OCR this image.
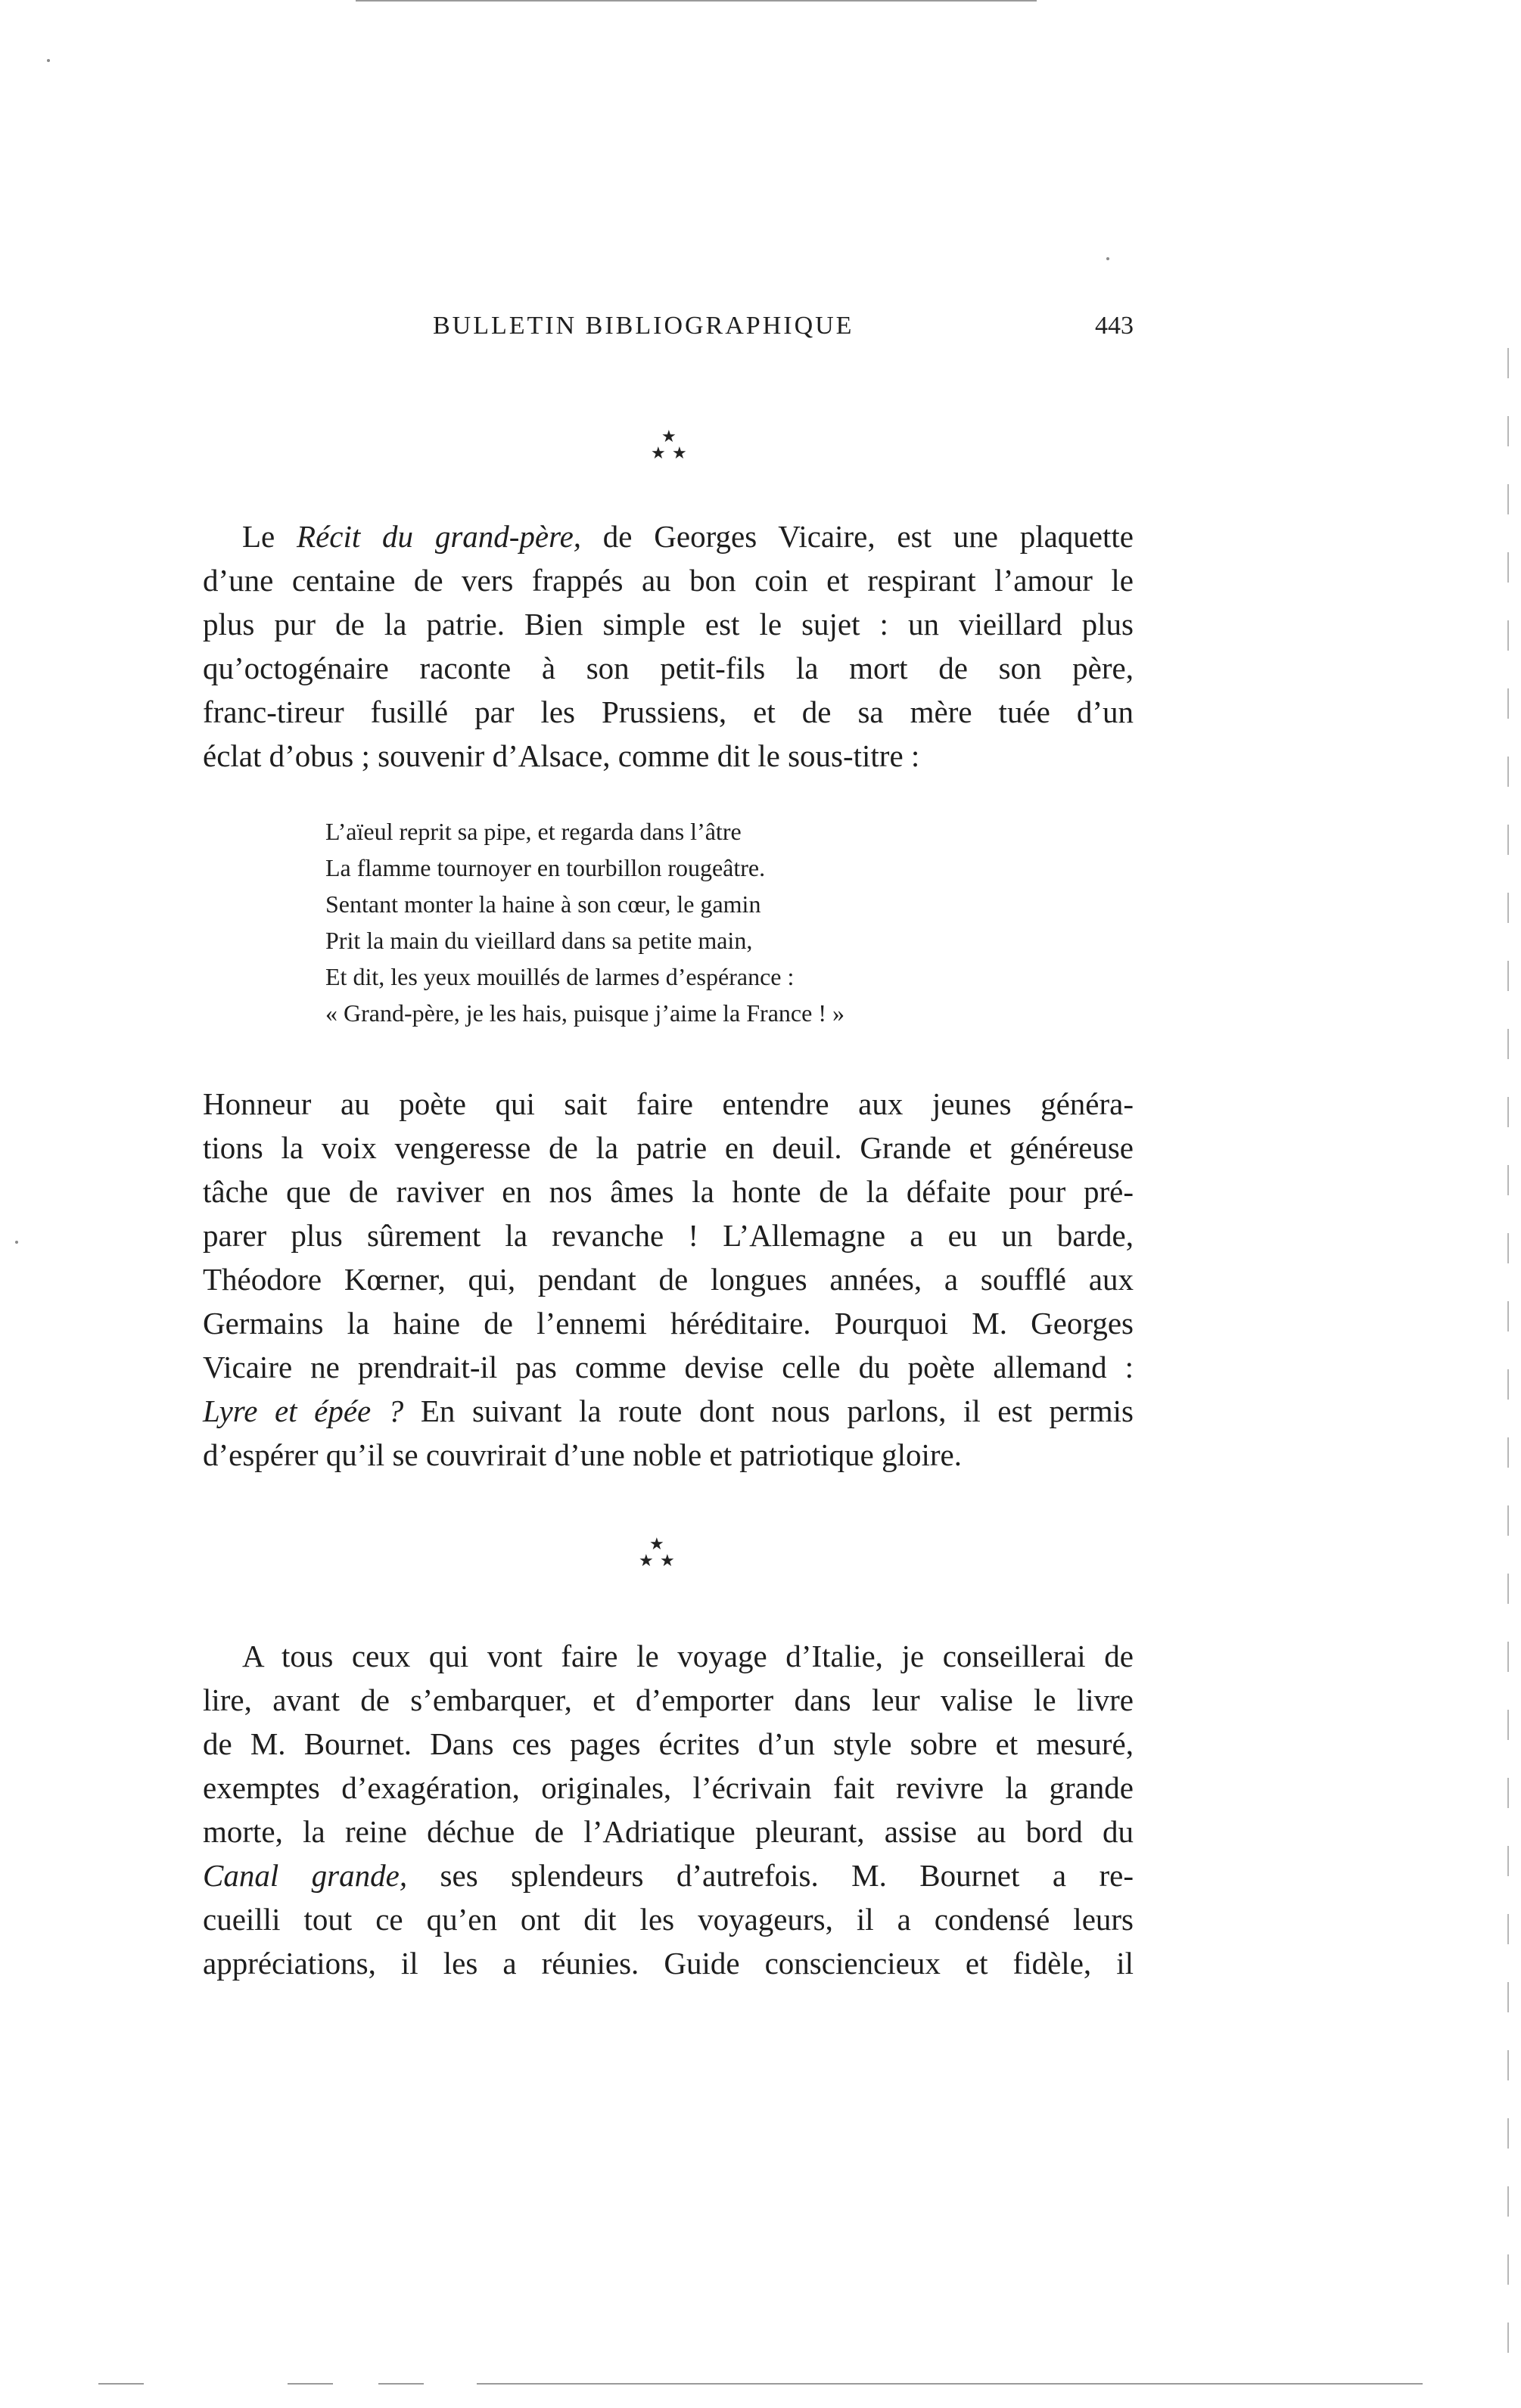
BULLETIN BIBLIOGRAPHIQUE	443
★
★ ★
Le Récit du grand-père, de Georges Vicaire, est une plaquette
d’une centaine de vers frappés au bon coin et respirant l’amour le
plus pur de la patrie. Bien simple est le sujet : un vieillard plus
qu’octogénaire raconte à son petit-fils la mort de son père,
franc-tireur fusillé par les Prussiens, et de sa mère tuée d’un
éclat d’obus ; souvenir d’Alsace, comme dit le sous-titre :
L’aïeul reprit sa pipe, et regarda dans l’âtre
La flamme tournoyer en tourbillon rougeâtre.
Sentant monter la haine à son cœur, le gamin
Prit la main du vieillard dans sa petite main,
Et dit, les yeux mouillés de larmes d’espérance :
« Grand-père, je les hais, puisque j’aime la France ! »
Honneur au poète qui sait faire entendre aux jeunes généra-
tions la voix vengeresse de la patrie en deuil. Grande et généreuse
tâche que de raviver en nos âmes la honte de la défaite pour pré-
parer plus sûrement la revanche ! L’Allemagne a eu un barde,
Théodore Kœrner, qui, pendant de longues années, a soufflé aux
Germains la haine de l’ennemi héréditaire. Pourquoi M. Georges
Vicaire ne prendrait-il pas comme devise celle du poète allemand :
Lyre et épée ? En suivant la route dont nous parlons, il est permis
d’espérer qu’il se couvrirait d’une noble et patriotique gloire.
★
★ ★
A tous ceux qui vont faire le voyage d’Italie, je conseillerai de
lire, avant de s’embarquer, et d’emporter dans leur valise le livre
de M. Bournet. Dans ces pages écrites d’un style sobre et mesuré,
exemptes d’exagération, originales, l’écrivain fait revivre la grande
morte, la reine déchue de l’Adriatique pleurant, assise au bord du
Canal grande, ses splendeurs d’autrefois. M. Bournet a re-
cueilli tout ce qu’en ont dit les voyageurs, il a condensé leurs
appréciations, il les a réunies. Guide consciencieux et fidèle, il
